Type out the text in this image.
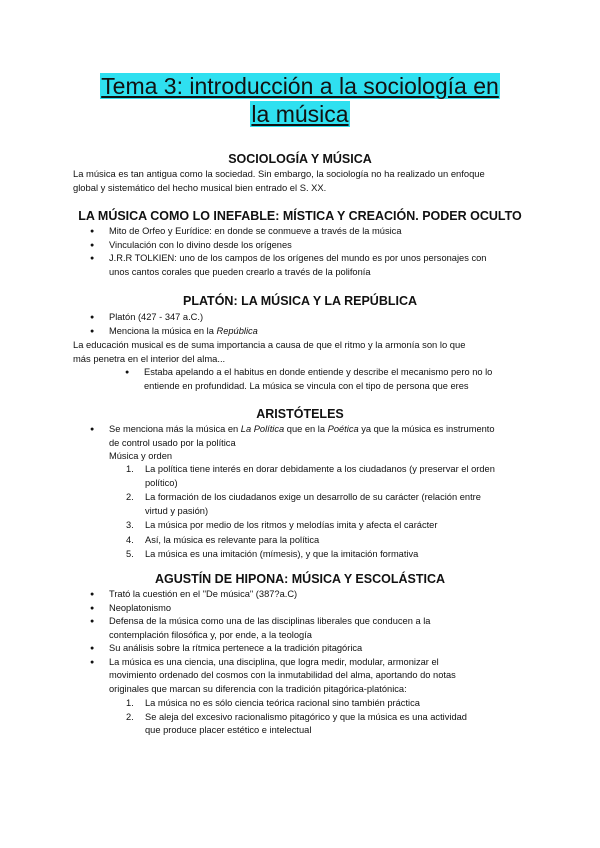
Tema 3: introducción a la sociología en
la música
SOCIOLOGÍA Y MÚSICA
La música es tan antigua como la sociedad. Sin embargo, la sociología no ha realizado un enfoque
global y sistemático del hecho musical bien entrado el S. XX.
LA MÚSICA COMO LO INEFABLE: MÍSTICA Y CREACIÓN. PODER OCULTO
● Mito de Orfeo y Eurídice: en donde se conmueve a través de la música
● Vinculación con lo divino desde los orígenes
● J.R.R TOLKIEN: uno de los campos de los orígenes del mundo es por unos personajes con
unos cantos corales que pueden crearlo a través de la polifonía
PLATÓN: LA MÚSICA Y LA REPÚBLICA
● Platón (427 - 347 a.C.)
● Menciona la música en la República
La educación musical es de suma importancia a causa de que el ritmo y la armonía son lo que
más penetra en el interior del alma...
● Estaba apelando a el habitus en donde entiende y describe el mecanismo pero no lo
entiende en profundidad. La música se vincula con el tipo de persona que eres
ARISTÓTELES
● Se menciona más la música en La Política que en la Poética ya que la música es instrumento
de control usado por la política
Música y orden
1. La política tiene interés en dorar debidamente a los ciudadanos (y preservar el orden
político)
2. La formación de los ciudadanos exige un desarrollo de su carácter (relación entre
virtud y pasión)
3. La música por medio de los ritmos y melodías imita y afecta el carácter
4. Así, la música es relevante para la política
5. La música es una imitación (mímesis), y que la imitación formativa
AGUSTÍN DE HIPONA: MÚSICA Y ESCOLÁSTICA
● Trató la cuestión en el "De música" (387?a.C)
● Neoplatonismo
● Defensa de la música como una de las disciplinas liberales que conducen a la
contemplación filosófica y, por ende, a la teología
● Su análisis sobre la rítmica pertenece a la tradición pitagórica
● La música es una ciencia, una disciplina, que logra medir, modular, armonizar el
movimiento ordenado del cosmos con la inmutabilidad del alma, aportando do notas
originales que marcan su diferencia con la tradición pitagórica-platónica:
1. La música no es sólo ciencia teórica racional sino también práctica
2. Se aleja del excesivo racionalismo pitagórico y que la música es una actividad
que produce placer estético e intelectual
